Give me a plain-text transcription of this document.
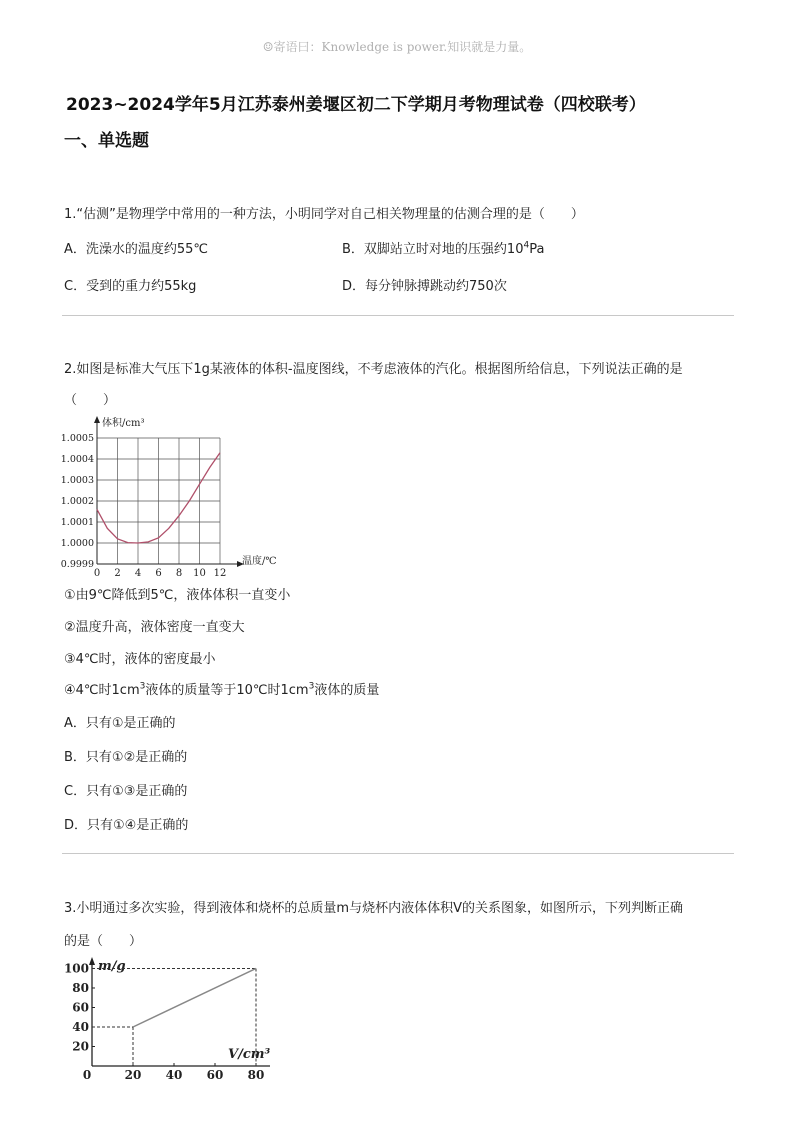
☺寄语曰：Knowledge is power.知识就是力量。
2023~2024学年5月江苏泰州姜堰区初二下学期月考物理试卷（四校联考）
一、单选题
1.“估测”是物理学中常用的一种方法，小明同学对自己相关物理量的估测合理的是（　　）
A．洗澡水的温度约55℃	B．双脚站立时对地的压强约$10^4Pa$
C．受到的重力约55kg	D．每分钟脉搏跳动约750次
2.如图是标准大气压下1g某液体的体积-温度图线，不考虑液体的汽化。根据图所给信息，下列说法正确的是
（　　）
0 2 4 6 8 10 12
0.9999
1.0000
1.0001
1.0002
1.0003
1.0004
1.0005
体积/cm³
温度/℃
①由9℃降低到5℃，液体体积一直变小
②温度升高，液体密度一直变大
③4℃时，液体的密度最小
④4℃时$1cm^3$液体的质量等于10℃时$1cm^3$液体的质量
A．只有①是正确的
B．只有①②是正确的
C．只有①③是正确的
D．只有①④是正确的
3.小明通过多次实验，得到液体和烧杯的总质量m与烧杯内液体体积V的关系图象，如图所示，下列判断正确
的是（　　）
0	20 40 60 80
20
40
60
80
100 m/g
V/cm³
